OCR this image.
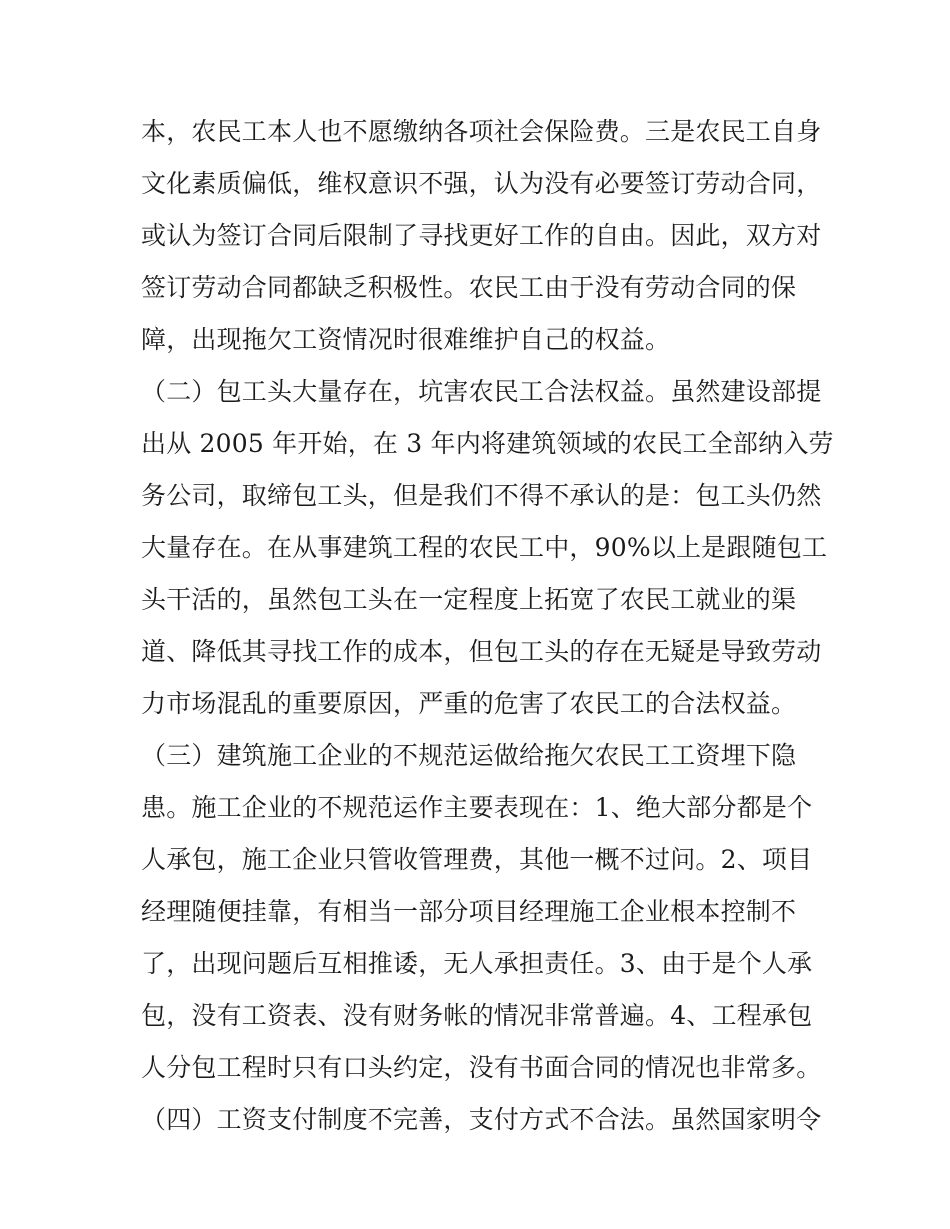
本，农民工本人也不愿缴纳各项社会保险费。三是农民工自身
文化素质偏低，维权意识不强，认为没有必要签订劳动合同，
或认为签订合同后限制了寻找更好工作的自由。因此，双方对
签订劳动合同都缺乏积极性。农民工由于没有劳动合同的保
障，出现拖欠工资情况时很难维护自己的权益。
（二）包工头大量存在，坑害农民工合法权益。虽然建设部提
出从 2005 年开始，在 3 年内将建筑领域的农民工全部纳入劳
务公司，取缔包工头，但是我们不得不承认的是：包工头仍然
大量存在。在从事建筑工程的农民工中，90%以上是跟随包工
头干活的，虽然包工头在一定程度上拓宽了农民工就业的渠
道、降低其寻找工作的成本，但包工头的存在无疑是导致劳动
力市场混乱的重要原因，严重的危害了农民工的合法权益。
（三）建筑施工企业的不规范运做给拖欠农民工工资埋下隐
患。施工企业的不规范运作主要表现在：1、绝大部分都是个
人承包，施工企业只管收管理费，其他一概不过问。2、项目
经理随便挂靠，有相当一部分项目经理施工企业根本控制不
了，出现问题后互相推诿，无人承担责任。3、由于是个人承
包，没有工资表、没有财务帐的情况非常普遍。4、工程承包
人分包工程时只有口头约定，没有书面合同的情况也非常多。
（四）工资支付制度不完善，支付方式不合法。虽然国家明令
